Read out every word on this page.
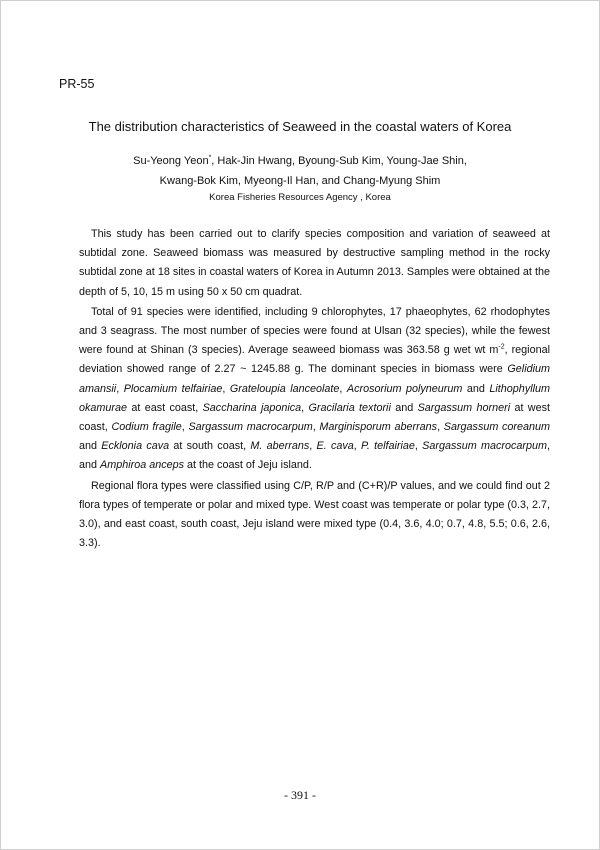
PR-55
The distribution characteristics of Seaweed in the coastal waters of Korea
Su-Yeong Yeon*, Hak-Jin Hwang, Byoung-Sub Kim, Young-Jae Shin,
Kwang-Bok Kim, Myeong-Il Han, and Chang-Myung Shim
Korea Fisheries Resources Agency , Korea

This study has been carried out to clarify species composition and variation of seaweed at subtidal zone. Seaweed biomass was measured by destructive sampling method in the rocky subtidal zone at 18 sites in coastal waters of Korea in Autumn 2013. Samples were obtained at the depth of 5, 10, 15 m using 50 x 50 cm quadrat.

Total of 91 species were identified, including 9 chlorophytes, 17 phaeophytes, 62 rhodophytes and 3 seagrass. The most number of species were found at Ulsan (32 species), while the fewest were found at Shinan (3 species). Average seaweed biomass was 363.58 g wet wt $m^{-2}$, regional deviation showed range of 2.27 ~ 1245.88 g. The dominant species in biomass were Gelidium amansii, Plocamium telfairiae, Grateloupia lanceolate, Acrosorium polyneurum and Lithophyllum okamurae at east coast, Saccharina japonica, Gracilaria textorii and Sargassum horneri at west coast, Codium fragile, Sargassum macrocarpum, Marginisporum aberrans, Sargassum coreanum and Ecklonia cava at south coast, M. aberrans, E. cava, P. telfairiae, Sargassum macrocarpum, and Amphiroa anceps at the coast of Jeju island.

Regional flora types were classified using C/P, R/P and (C+R)/P values, and we could find out 2 flora types of temperate or polar and mixed type. West coast was temperate or polar type (0.3, 2.7, 3.0), and east coast, south coast, Jeju island were mixed type (0.4, 3.6, 4.0; 0.7, 4.8, 5.5; 0.6, 2.6, 3.3).

- 391 -
